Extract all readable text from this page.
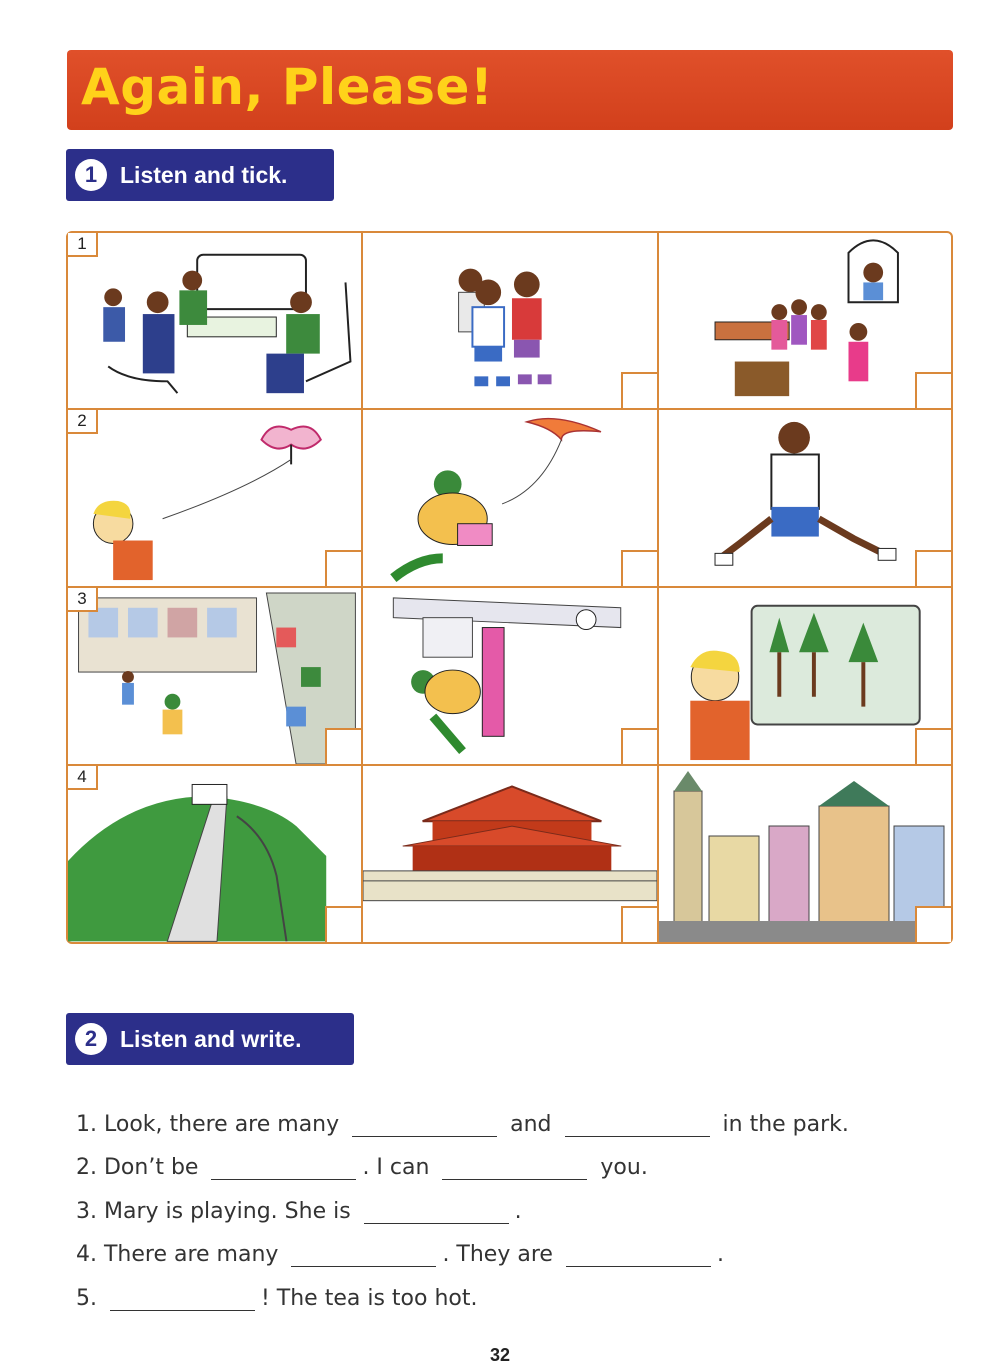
Again, Please!
1 Listen and tick.
1
2
3
4
2 Listen and write.
1. Look, there are many	and	in the park.
2. Don’t be	. I can	you.
3. Mary is playing. She is	.
4. There are many	. They are	.
5.	! The tea is too hot.
32
